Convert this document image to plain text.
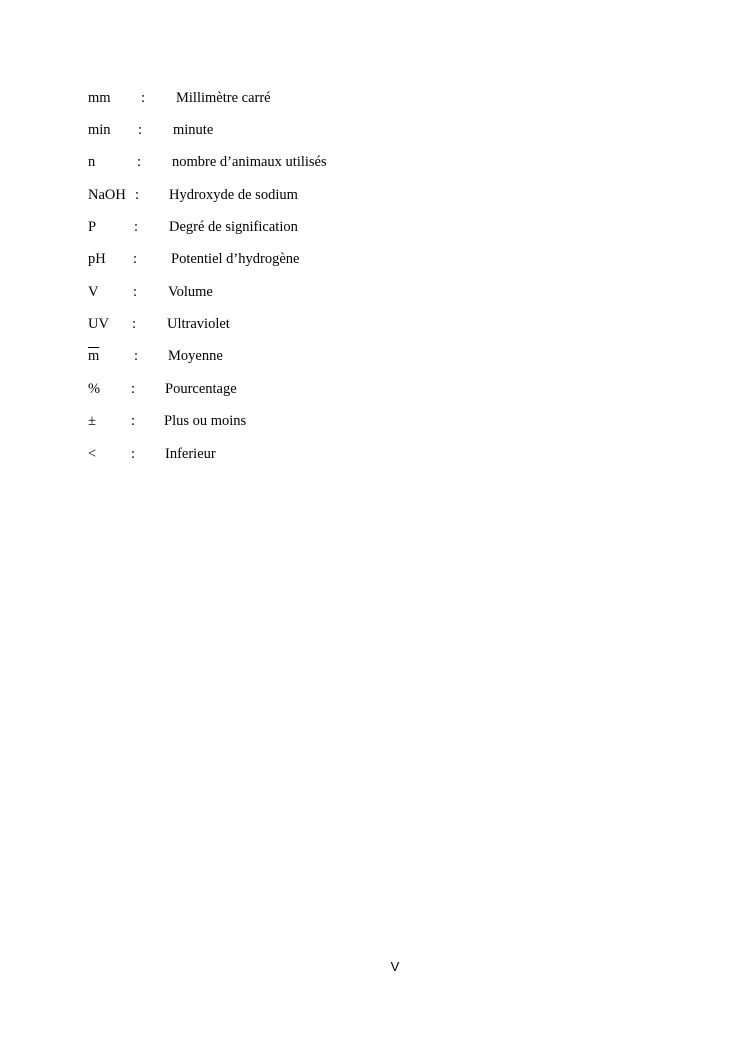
mm : Millimètre carré
min : minute
n	: nombre d’animaux utilisés
NaOH : Hydroxyde de sodium
P	: Degré de signification
pH : Potentiel d’hydrogène
V : Volume
UV : Ultraviolet
$\overline{m}$ : Moyenne
% : Pourcentage
± : Plus ou moins
< : Inferieur
V
